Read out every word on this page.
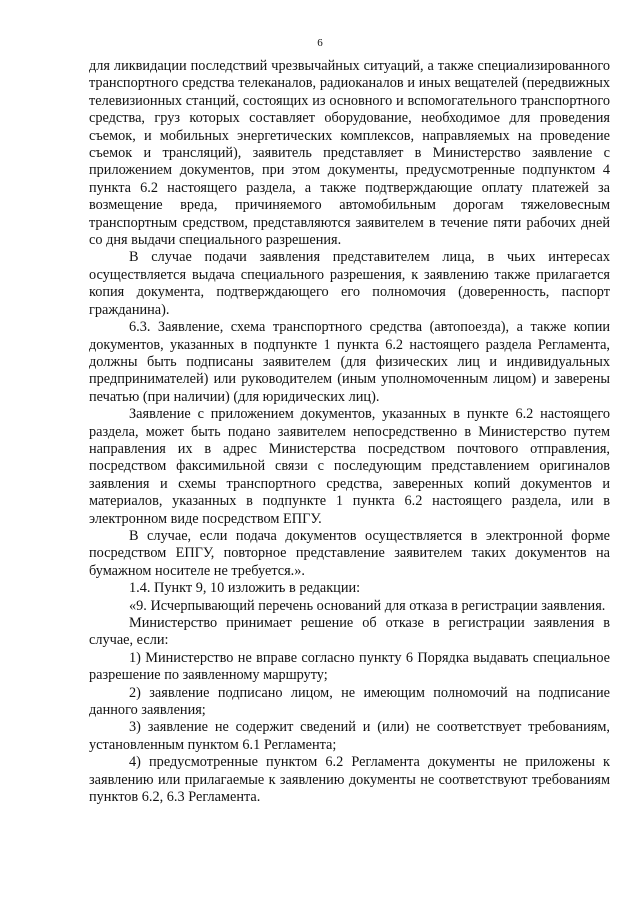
6

для ликвидации последствий чрезвычайных ситуаций, а также специализированного транспортного средства телеканалов, радиоканалов и иных вещателей (передвижных телевизионных станций, состоящих из основного и вспомогательного транспортного средства, груз которых составляет оборудование, необходимое для проведения съемок, и мобильных энергетических комплексов, направляемых на проведение съемок и трансляций), заявитель представляет в Министерство заявление с приложением документов, при этом документы, предусмотренные подпунктом 4 пункта 6.2 настоящего раздела, а также подтверждающие оплату платежей за возмещение вреда, причиняемого автомобильным дорогам тяжеловесным транспортным средством, представляются заявителем в течение пяти рабочих дней со дня выдачи специального разрешения.

В случае подачи заявления представителем лица, в чьих интересах осуществляется выдача специального разрешения, к заявлению также прилагается копия документа, подтверждающего его полномочия (доверенность, паспорт гражданина).

6.3. Заявление, схема транспортного средства (автопоезда), а также копии документов, указанных в подпункте 1 пункта 6.2 настоящего раздела Регламента, должны быть подписаны заявителем (для физических лиц и индивидуальных предпринимателей) или руководителем (иным уполномоченным лицом) и заверены печатью (при наличии) (для юридических лиц).

Заявление с приложением документов, указанных в пункте 6.2 настоящего раздела, может быть подано заявителем непосредственно в Министерство путем направления их в адрес Министерства посредством почтового отправления, посредством факсимильной связи с последующим представлением оригиналов заявления и схемы транспортного средства, заверенных копий документов и материалов, указанных в подпункте 1 пункта 6.2 настоящего раздела, или в электронном виде посредством ЕПГУ.

В случае, если подача документов осуществляется в электронной форме посредством ЕПГУ, повторное представление заявителем таких документов на бумажном носителе не требуется.».

1.4. Пункт 9, 10 изложить в редакции:

«9. Исчерпывающий перечень оснований для отказа в регистрации заявления.

Министерство принимает решение об отказе в регистрации заявления в случае, если:

1) Министерство не вправе согласно пункту 6 Порядка выдавать специальное разрешение по заявленному маршруту;

2) заявление подписано лицом, не имеющим полномочий на подписание данного заявления;

3) заявление не содержит сведений и (или) не соответствует требованиям, установленным пунктом 6.1 Регламента;

4) предусмотренные пунктом 6.2 Регламента документы не приложены к заявлению или прилагаемые к заявлению документы не соответствуют требованиям пунктов 6.2, 6.3 Регламента.
